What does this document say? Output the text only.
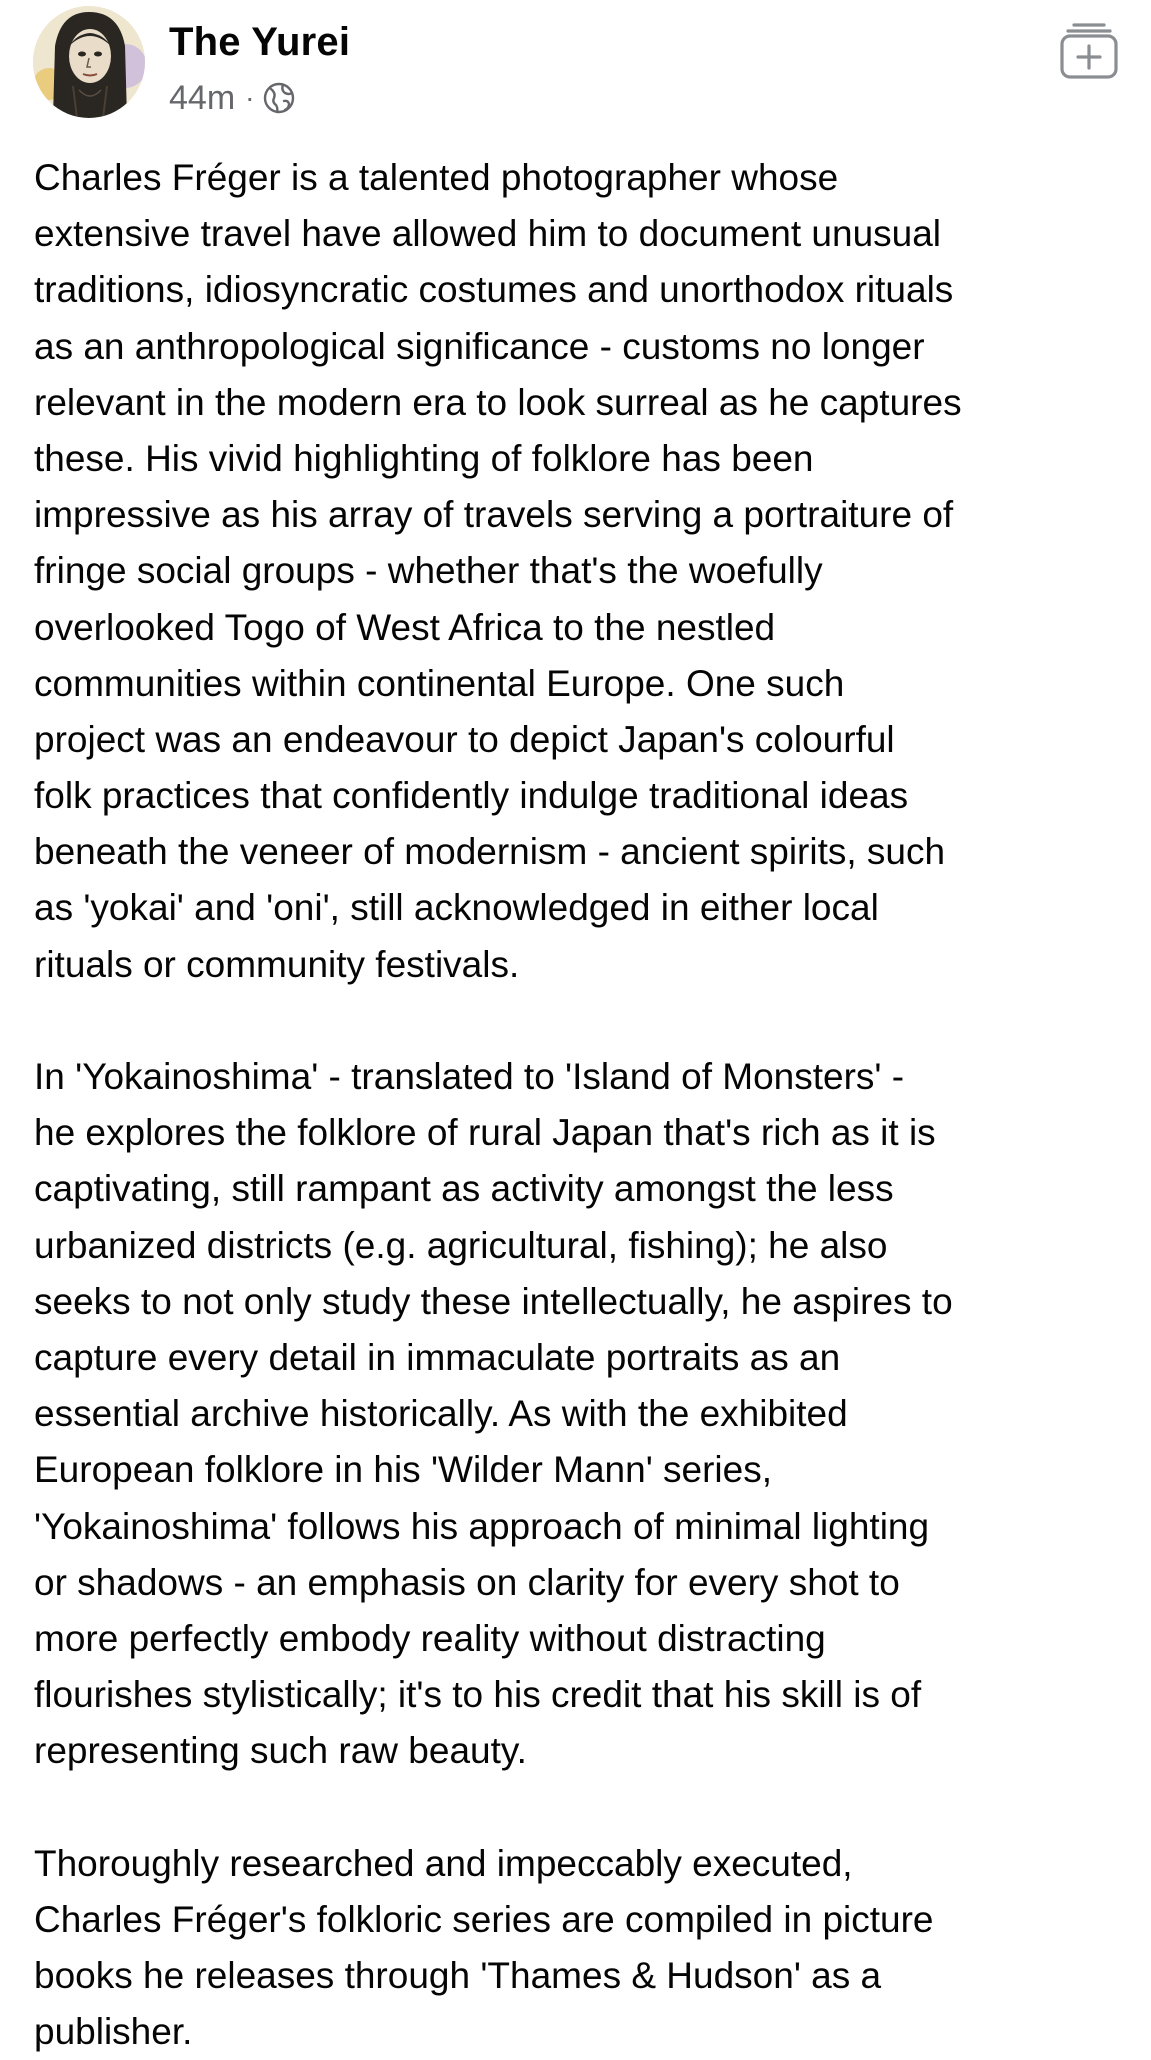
The Yurei
44m ·
Charles Fréger is a talented photographer whose
extensive travel have allowed him to document unusual
traditions, idiosyncratic costumes and unorthodox rituals
as an anthropological significance - customs no longer
relevant in the modern era to look surreal as he captures
these. His vivid highlighting of folklore has been
impressive as his array of travels serving a portraiture of
fringe social groups - whether that's the woefully
overlooked Togo of West Africa to the nestled
communities within continental Europe. One such
project was an endeavour to depict Japan's colourful
folk practices that confidently indulge traditional ideas
beneath the veneer of modernism - ancient spirits, such
as 'yokai' and 'oni', still acknowledged in either local
rituals or community festivals.
In 'Yokainoshima' - translated to 'Island of Monsters' -
he explores the folklore of rural Japan that's rich as it is
captivating, still rampant as activity amongst the less
urbanized districts (e.g. agricultural, fishing); he also
seeks to not only study these intellectually, he aspires to
capture every detail in immaculate portraits as an
essential archive historically. As with the exhibited
European folklore in his 'Wilder Mann' series,
'Yokainoshima' follows his approach of minimal lighting
or shadows - an emphasis on clarity for every shot to
more perfectly embody reality without distracting
flourishes stylistically; it's to his credit that his skill is of
representing such raw beauty.
Thoroughly researched and impeccably executed,
Charles Fréger's folkloric series are compiled in picture
books he releases through 'Thames & Hudson' as a
publisher.
